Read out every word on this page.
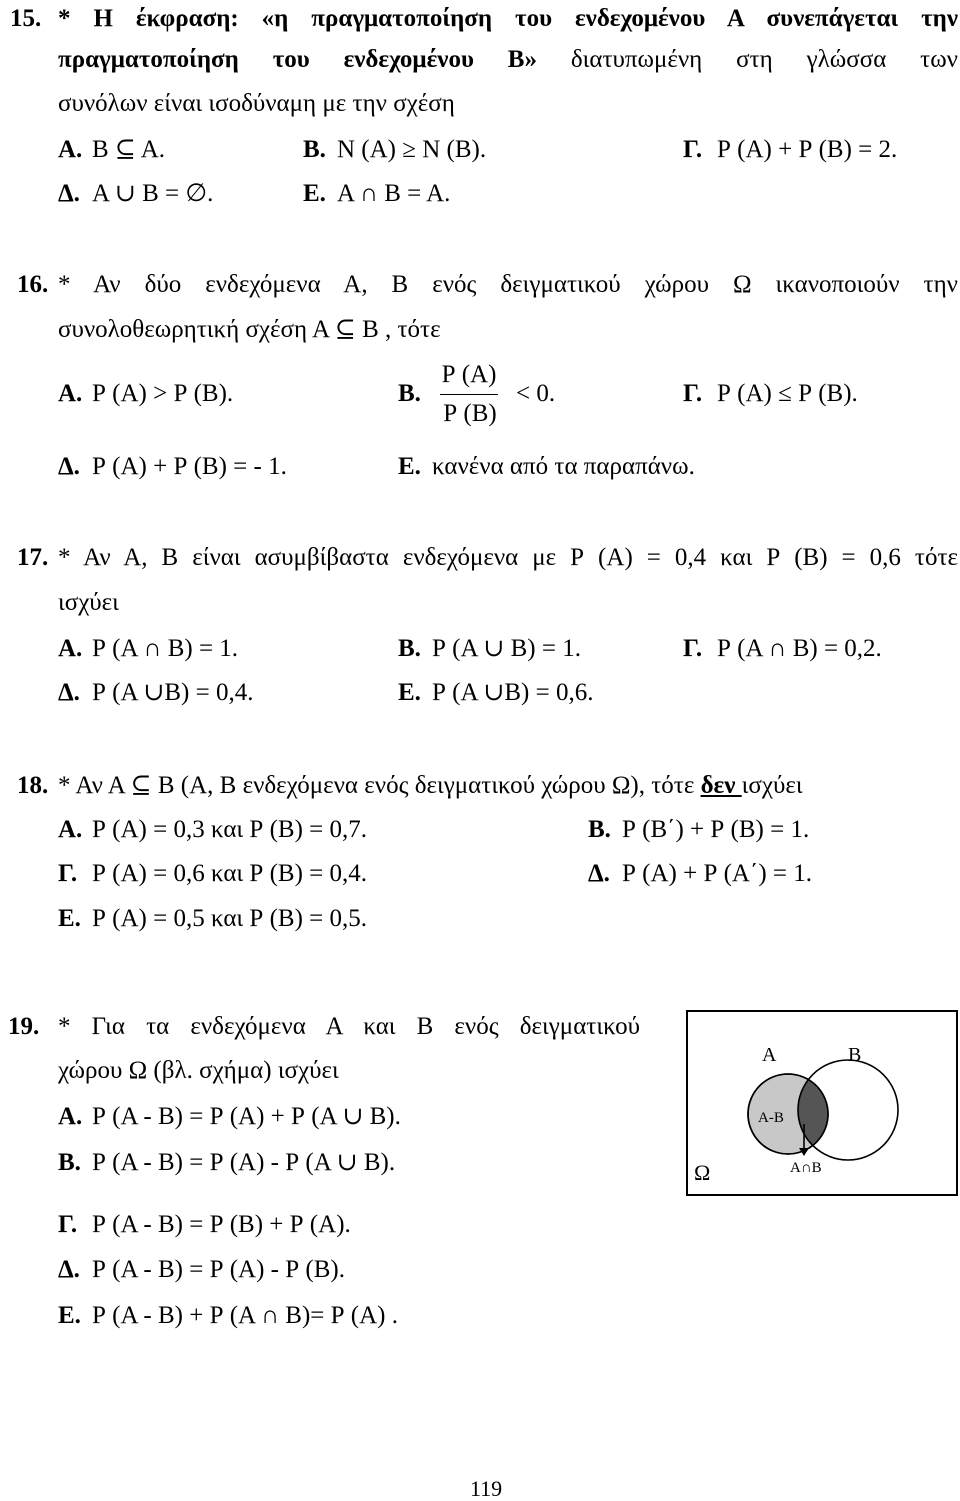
15. * Η έκφραση: «η πραγματοποίηση του ενδεχομένου Α συνεπάγεται την
πραγματοποίηση του ενδεχομένου Β» διατυπωμένη στη γλώσσα των
συνόλων είναι ισοδύναμη με την σχέση
Α. Β ⊆ Α.	Β. Ν (Α) ≥ Ν (Β).	Γ. Ρ (Α) + Ρ (Β) = 2.
Δ. Α ∪ Β = ∅.	Ε. Α ∩ Β = Α.
16. * Αν δύο ενδεχόμενα Α, Β ενός δειγματικού χώρου Ω ικανοποιούν την
συνολοθεωρητική σχέση Α ⊆ Β , τότε
Α. Ρ (Α) > Ρ (Β).	Β. $\frac{P (A)}{P (B)} < 0$.	Γ. Ρ (Α) ≤ Ρ (Β).
Δ. Ρ (Α) + Ρ (Β) = - 1.	Ε. κανένα από τα παραπάνω.
17. * Αν Α, Β είναι ασυμβίβαστα ενδεχόμενα με Ρ (Α) = 0,4 και Ρ (Β) = 0,6 τότε
ισχύει
Α. Ρ (Α ∩ Β) = 1.	Β. Ρ (Α ∪ Β) = 1.	Γ. Ρ (Α ∩ Β) = 0,2.
Δ. Ρ (Α ∪Β) = 0,4.	Ε. Ρ (Α ∪Β) = 0,6.
18. * Αν Α ⊆ Β (Α, Β ενδεχόμενα ενός δειγματικού χώρου Ω), τότε δεν ισχύει
Α. Ρ (Α) = 0,3 και Ρ (Β) = 0,7.	Β. Ρ (Β΄) + Ρ (Β) = 1.
Γ. Ρ (Α) = 0,6 και Ρ (Β) = 0,4.	Δ. Ρ (Α) + Ρ (Α΄) = 1.
Ε. Ρ (Α) = 0,5 και Ρ (Β) = 0,5.
19. * Για τα ενδεχόμενα Α και Β ενός δειγματικού
χώρου Ω (βλ. σχήμα) ισχύει
Α. Ρ (Α - Β) = Ρ (Α) + Ρ (Α ∪ Β).
Β. Ρ (Α - Β) = Ρ (Α) - Ρ (Α ∪ Β).
Γ. Ρ (Α - Β) = Ρ (Β) + Ρ (Α).
Δ. Ρ (Α - Β) = Ρ (Α) - Ρ (Β).
Ε. Ρ (Α - Β) + Ρ (Α ∩ Β)= Ρ (Α) .
Α	Β
Α-Β
Α∩Β
Ω
119
